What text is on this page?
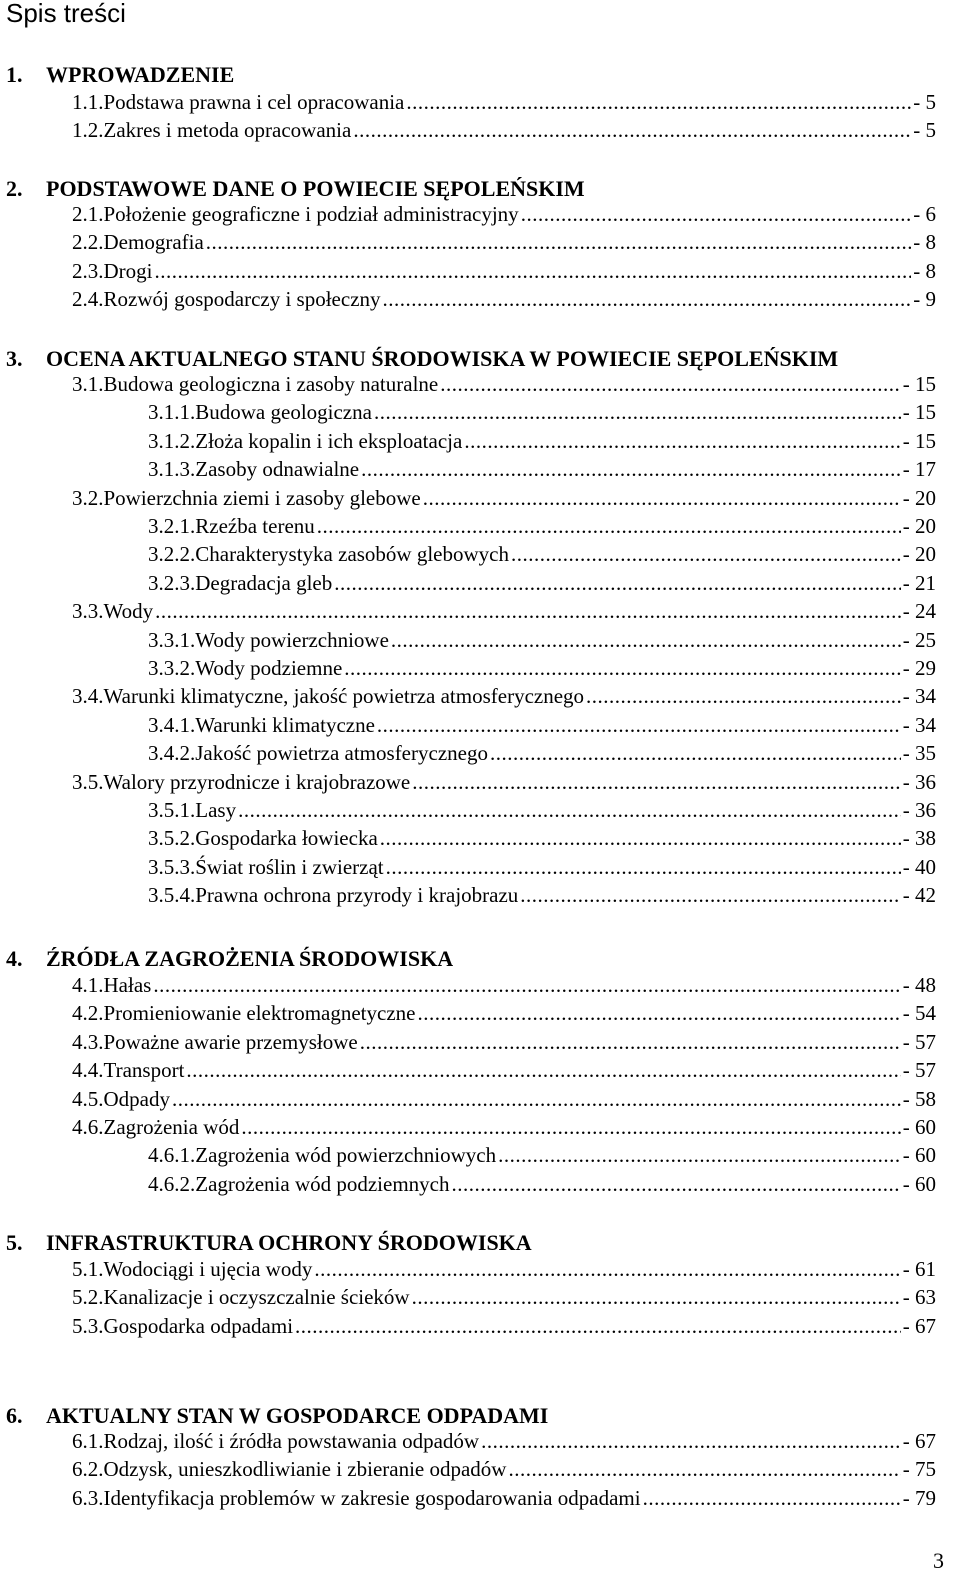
Spis treści
1. WPROWADZENIE
1.1. Podstawa prawna i cel opracowania .....	- 5
1.2. Zakres i metoda opracowania .....	- 5
2. PODSTAWOWE DANE O POWIECIE SĘPOLEŃSKIM
2.1. Położenie geograficzne i podział administracyjny .....	- 6
2.2. Demografia .....	- 8
2.3. Drogi .....	- 8
2.4. Rozwój gospodarczy i społeczny .....	- 9
3. OCENA AKTUALNEGO STANU ŚRODOWISKA W POWIECIE SĘPOLEŃSKIM
3.1. Budowa geologiczna i zasoby naturalne .....	- 15
3.1.1. Budowa geologiczna .....	- 15
3.1.2. Złoża kopalin i ich eksploatacja .....	- 15
3.1.3. Zasoby odnawialne .....	- 17
3.2. Powierzchnia ziemi i zasoby glebowe .....	- 20
3.2.1. Rzeźba terenu .....	- 20
3.2.2. Charakterystyka zasobów glebowych .....	- 20
3.2.3. Degradacja gleb .....	- 21
3.3. Wody .....	- 24
3.3.1. Wody powierzchniowe .....	- 25
3.3.2. Wody podziemne .....	- 29
3.4. Warunki klimatyczne, jakość powietrza atmosferycznego .....	- 34
3.4.1. Warunki klimatyczne .....	- 34
3.4.2. Jakość powietrza atmosferycznego .....	- 35
3.5. Walory przyrodnicze i krajobrazowe .....	- 36
3.5.1. Lasy .....	- 36
3.5.2. Gospodarka łowiecka .....	- 38
3.5.3. Świat roślin i zwierząt .....	- 40
3.5.4. Prawna ochrona przyrody i krajobrazu .....	- 42
4. ŹRÓDŁA ZAGROŻENIA ŚRODOWISKA
4.1. Hałas .....	- 48
4.2. Promieniowanie elektromagnetyczne .....	- 54
4.3. Poważne awarie przemysłowe .....	- 57
4.4. Transport .....	- 57
4.5. Odpady .....	- 58
4.6. Zagrożenia wód .....	- 60
4.6.1. Zagrożenia wód powierzchniowych .....	- 60
4.6.2. Zagrożenia wód podziemnych .....	- 60
5. INFRASTRUKTURA OCHRONY ŚRODOWISKA
5.1. Wodociągi i ujęcia wody .....	- 61
5.2. Kanalizacje i oczyszczalnie ścieków .....	- 63
5.3. Gospodarka odpadami .....	- 67
6. AKTUALNY STAN W GOSPODARCE ODPADAMI
6.1. Rodzaj, ilość i źródła powstawania odpadów .....	- 67
6.2. Odzysk, unieszkodliwianie i zbieranie odpadów .....	- 75
6.3. Identyfikacja problemów w zakresie gospodarowania odpadami .....	- 79
3
